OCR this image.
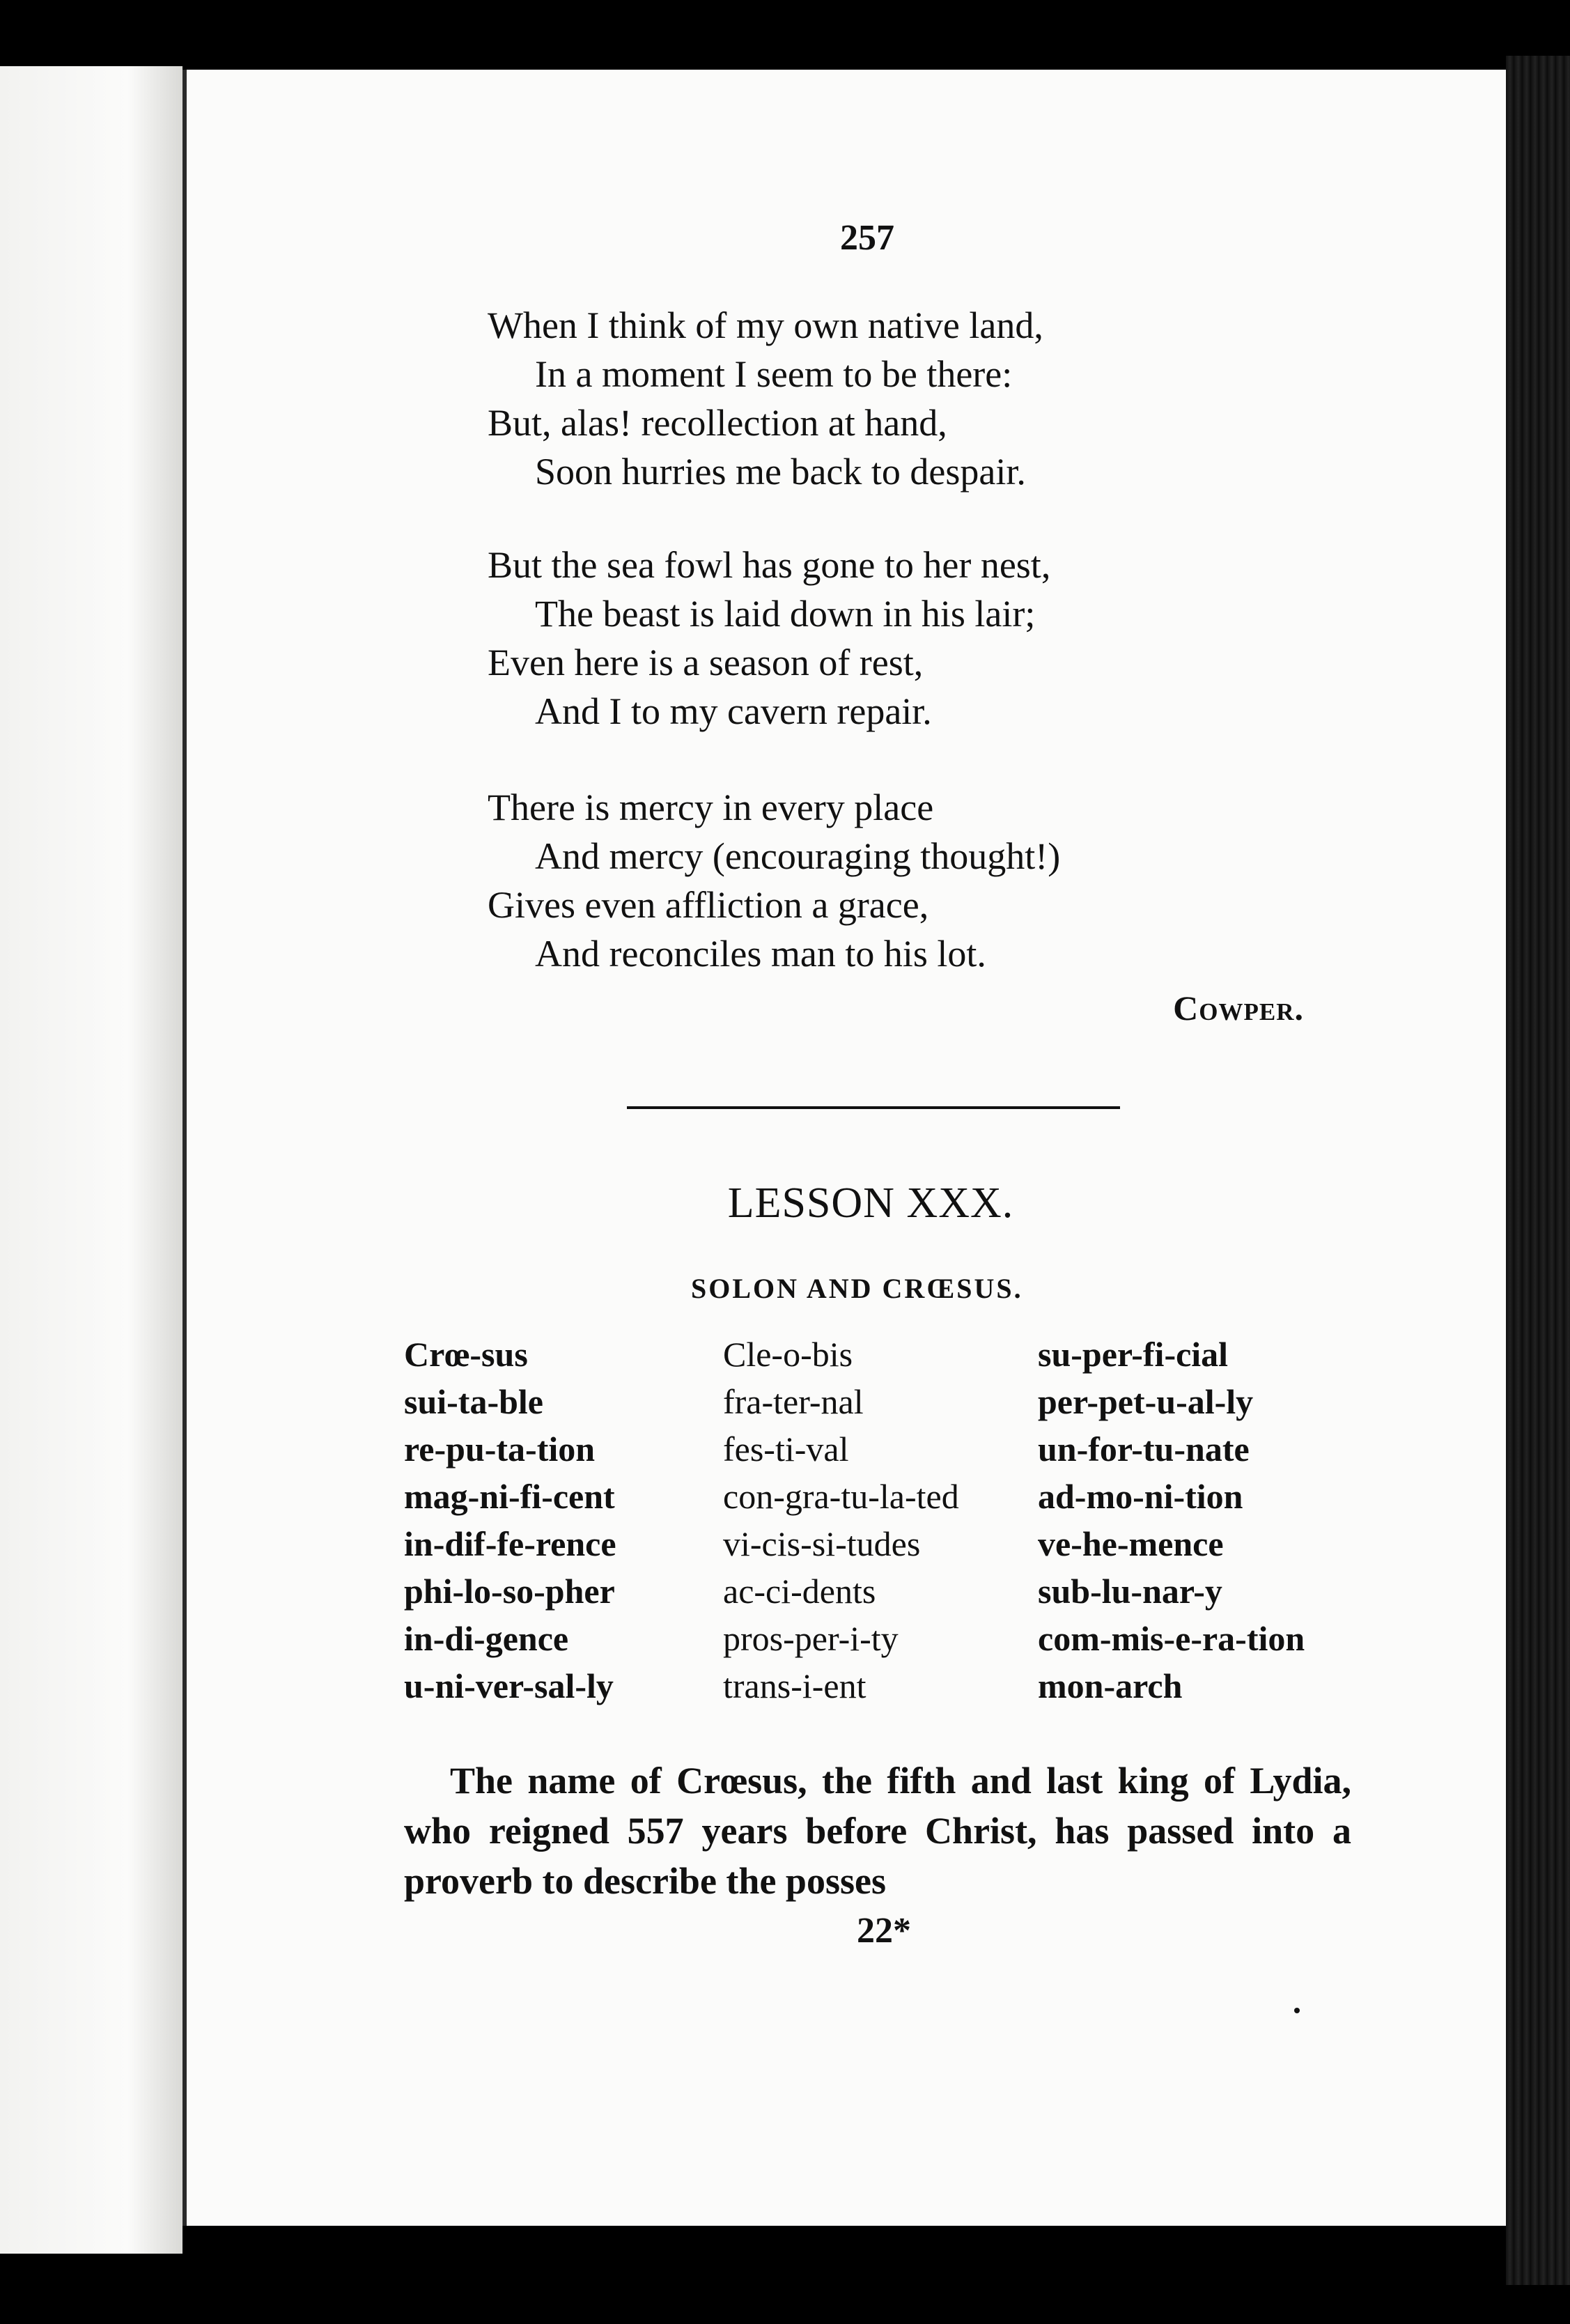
257
When I think of my own native land,
In a moment I seem to be there:
But, alas! recollection at hand,
Soon hurries me back to despair.
But the sea fowl has gone to her nest,
The beast is laid down in his lair;
Even here is a season of rest,
And I to my cavern repair.
There is mercy in every place
And mercy (encouraging thought!)
Gives even affliction a grace,
And reconciles man to his lot.
Cowper.
LESSON XXX.
SOLON AND CRŒSUS.
Crœ-sus
sui-ta-ble
re-pu-ta-tion
mag-ni-fi-cent
in-dif-fe-rence
phi-lo-so-pher
in-di-gence
u-ni-ver-sal-ly
Cle-o-bis
fra-ter-nal
fes-ti-val
con-gra-tu-la-ted
vi-cis-si-tudes
ac-ci-dents
pros-per-i-ty
trans-i-ent
su-per-fi-cial
per-pet-u-al-ly
un-for-tu-nate
ad-mo-ni-tion
ve-he-mence
sub-lu-nar-y
com-mis-e-ra-tion
mon-arch
The name of Crœsus, the fifth and last king of Lydia, who reigned 557 years before Christ, has passed into a proverb to describe the posses
22*
